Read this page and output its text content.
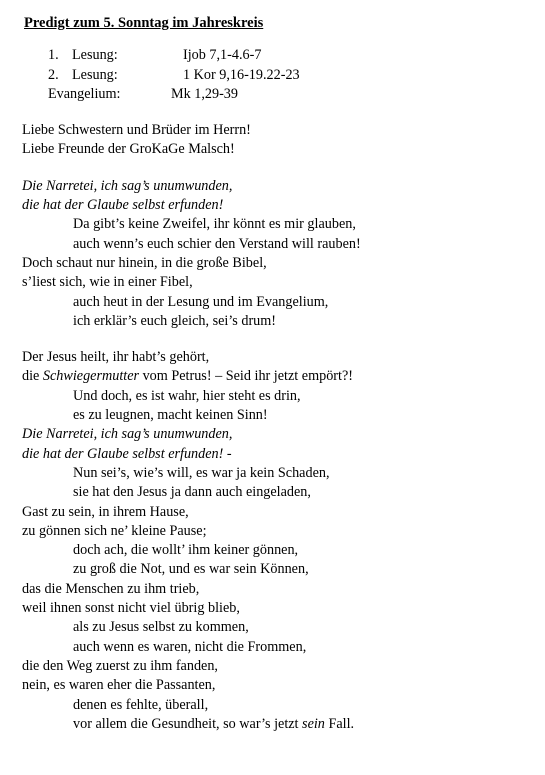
Predigt zum 5. Sonntag im Jahreskreis
1. Lesung:	Ijob 7,1-4.6-7
2. Lesung:	1 Kor 9,16-19.22-23
Evangelium:	Mk 1,29-39
Liebe Schwestern und Brüder im Herrn!
Liebe Freunde der GroKaGe Malsch!
Die Narretei, ich sag’s unumwunden,
die hat der Glaube selbst erfunden!
Da gibt’s keine Zweifel, ihr könnt es mir glauben,
auch wenn’s euch schier den Verstand will rauben!
Doch schaut nur hinein, in die große Bibel,
s’liest sich, wie in einer Fibel,
auch heut in der Lesung und im Evangelium,
ich erklär’s euch gleich, sei’s drum!
Der Jesus heilt, ihr habt’s gehört,
die Schwiegermutter vom Petrus! – Seid ihr jetzt empört?!
Und doch, es ist wahr, hier steht es drin,
es zu leugnen, macht keinen Sinn!
Die Narretei, ich sag’s unumwunden,
die hat der Glaube selbst erfunden! -
Nun sei’s, wie’s will, es war ja kein Schaden,
sie hat den Jesus ja dann auch eingeladen,
Gast zu sein, in ihrem Hause,
zu gönnen sich ne’ kleine Pause;
doch ach, die wollt’ ihm keiner gönnen,
zu groß die Not, und es war sein Können,
das die Menschen zu ihm trieb,
weil ihnen sonst nicht viel übrig blieb,
als zu Jesus selbst zu kommen,
auch wenn es waren, nicht die Frommen,
die den Weg zuerst zu ihm fanden,
nein, es waren eher die Passanten,
denen es fehlte, überall,
vor allem die Gesundheit, so war’s jetzt sein Fall.
